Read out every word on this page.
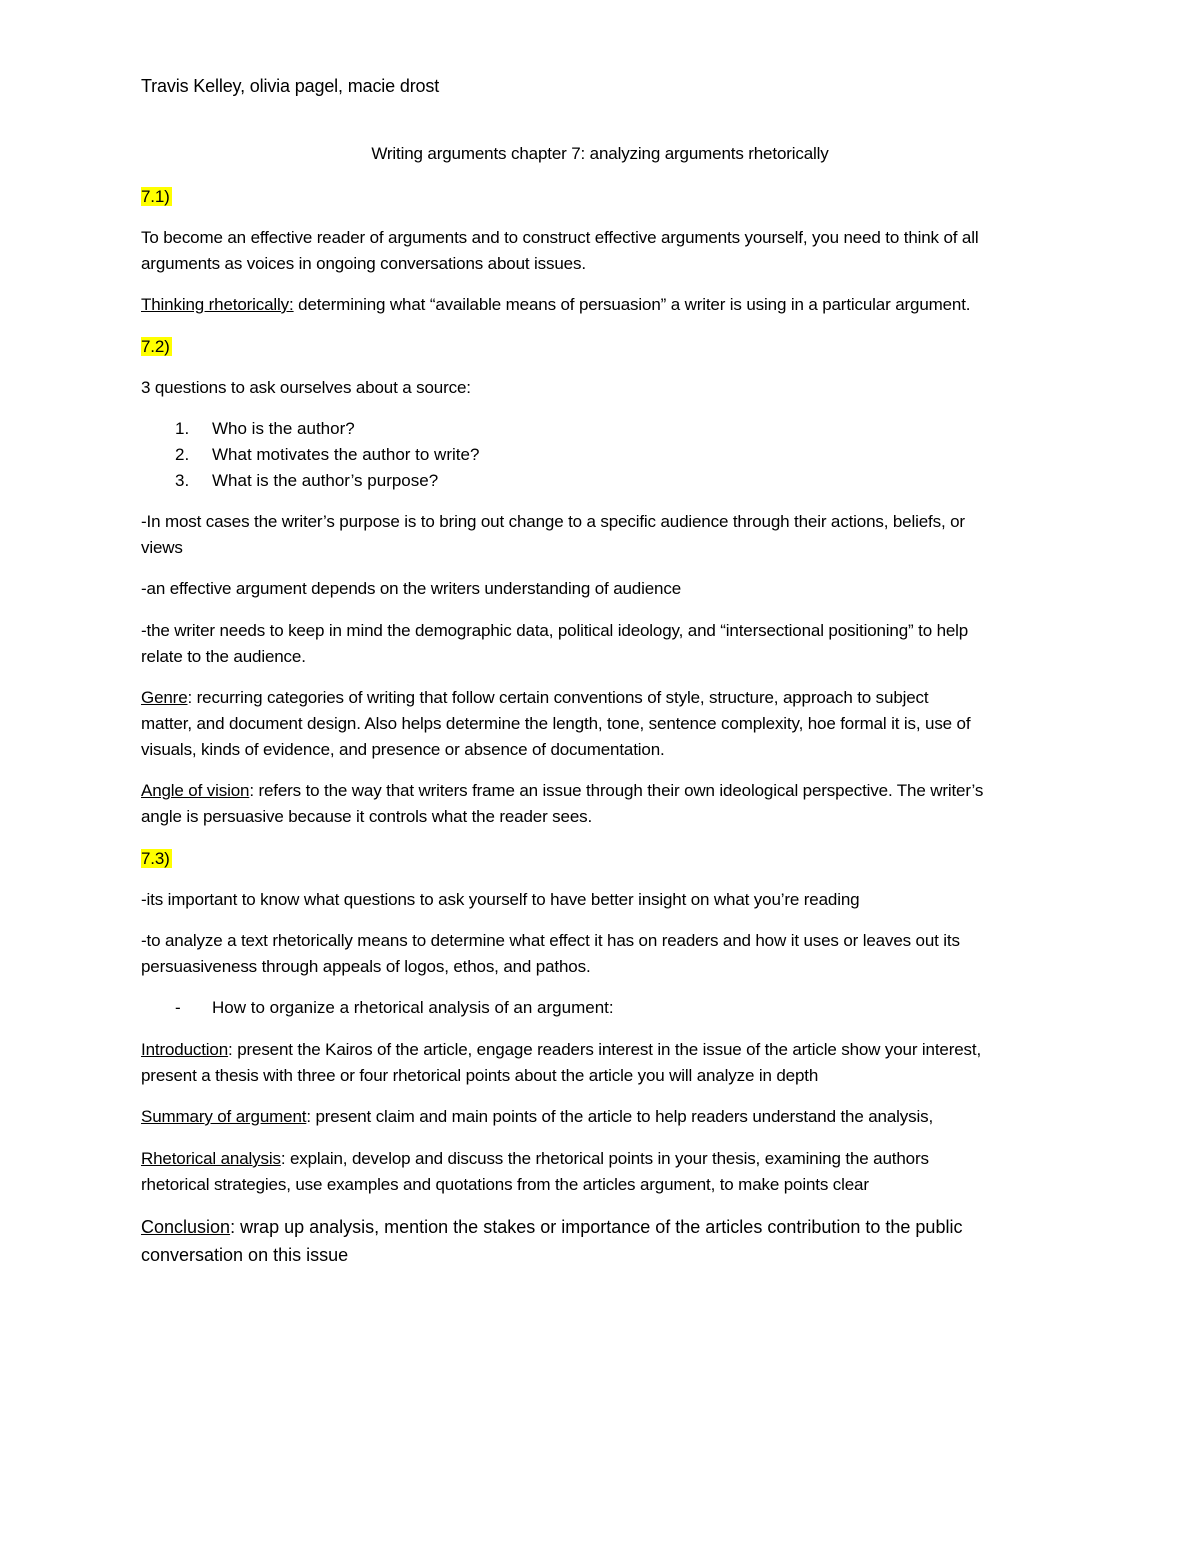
Travis Kelley, olivia pagel, macie drost
Writing arguments chapter 7: analyzing arguments rhetorically
7.1)
To become an effective reader of arguments and to construct effective arguments yourself, you need to think of all
arguments as voices in ongoing conversations about issues.
Thinking rhetorically: determining what “available means of persuasion” a writer is using in a particular argument.
7.2)
3 questions to ask ourselves about a source:
1. Who is the author?
2. What motivates the author to write?
3. What is the author’s purpose?
-In most cases the writer’s purpose is to bring out change to a specific audience through their actions, beliefs, or
views
-an effective argument depends on the writers understanding of audience
-the writer needs to keep in mind the demographic data, political ideology, and “intersectional positioning” to help
relate to the audience.
Genre: recurring categories of writing that follow certain conventions of style, structure, approach to subject
matter, and document design. Also helps determine the length, tone, sentence complexity, hoe formal it is, use of
visuals, kinds of evidence, and presence or absence of documentation.
Angle of vision: refers to the way that writers frame an issue through their own ideological perspective. The writer’s
angle is persuasive because it controls what the reader sees.
7.3)
-its important to know what questions to ask yourself to have better insight on what you’re reading
-to analyze a text rhetorically means to determine what effect it has on readers and how it uses or leaves out its
persuasiveness through appeals of logos, ethos, and pathos.
- How to organize a rhetorical analysis of an argument:
Introduction: present the Kairos of the article, engage readers interest in the issue of the article show your interest,
present a thesis with three or four rhetorical points about the article you will analyze in depth
Summary of argument: present claim and main points of the article to help readers understand the analysis,
Rhetorical analysis: explain, develop and discuss the rhetorical points in your thesis, examining the authors
rhetorical strategies, use examples and quotations from the articles argument, to make points clear
Conclusion: wrap up analysis, mention the stakes or importance of the articles contribution to the public
conversation on this issue
